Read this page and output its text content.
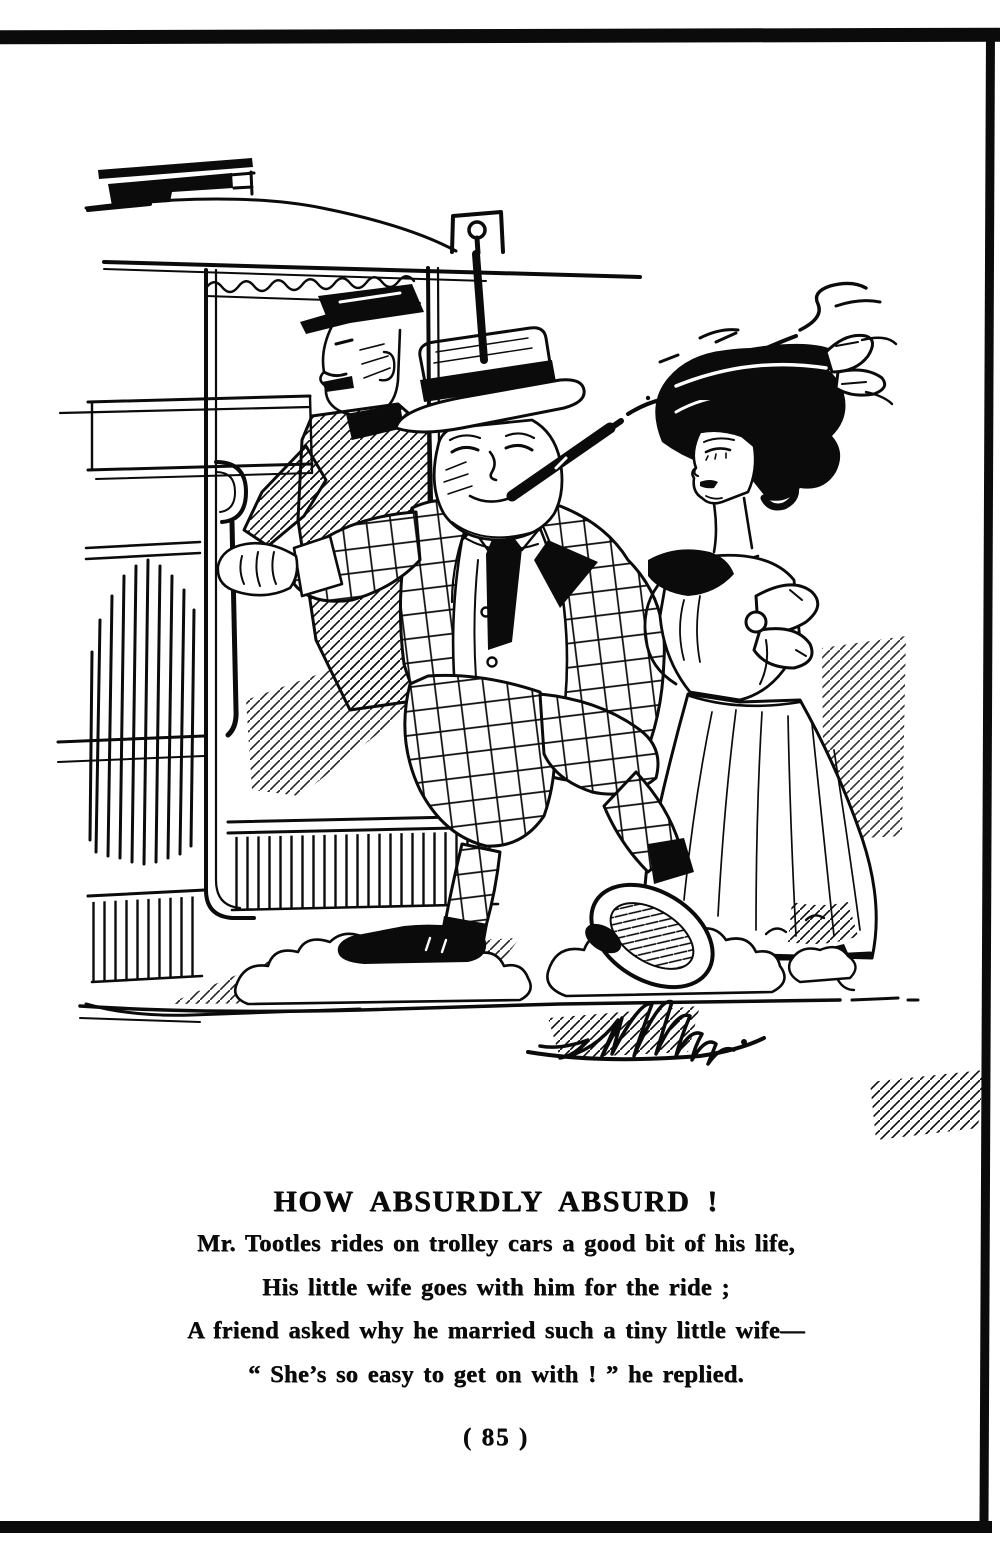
HOW ABSURDLY ABSURD !
Mr. Tootles rides on trolley cars a good bit of his life,
His little wife goes with him for the ride ;
A friend asked why he married such a tiny little wife—
“ She’s so easy to get on with ! ” he replied.
( 85 )
